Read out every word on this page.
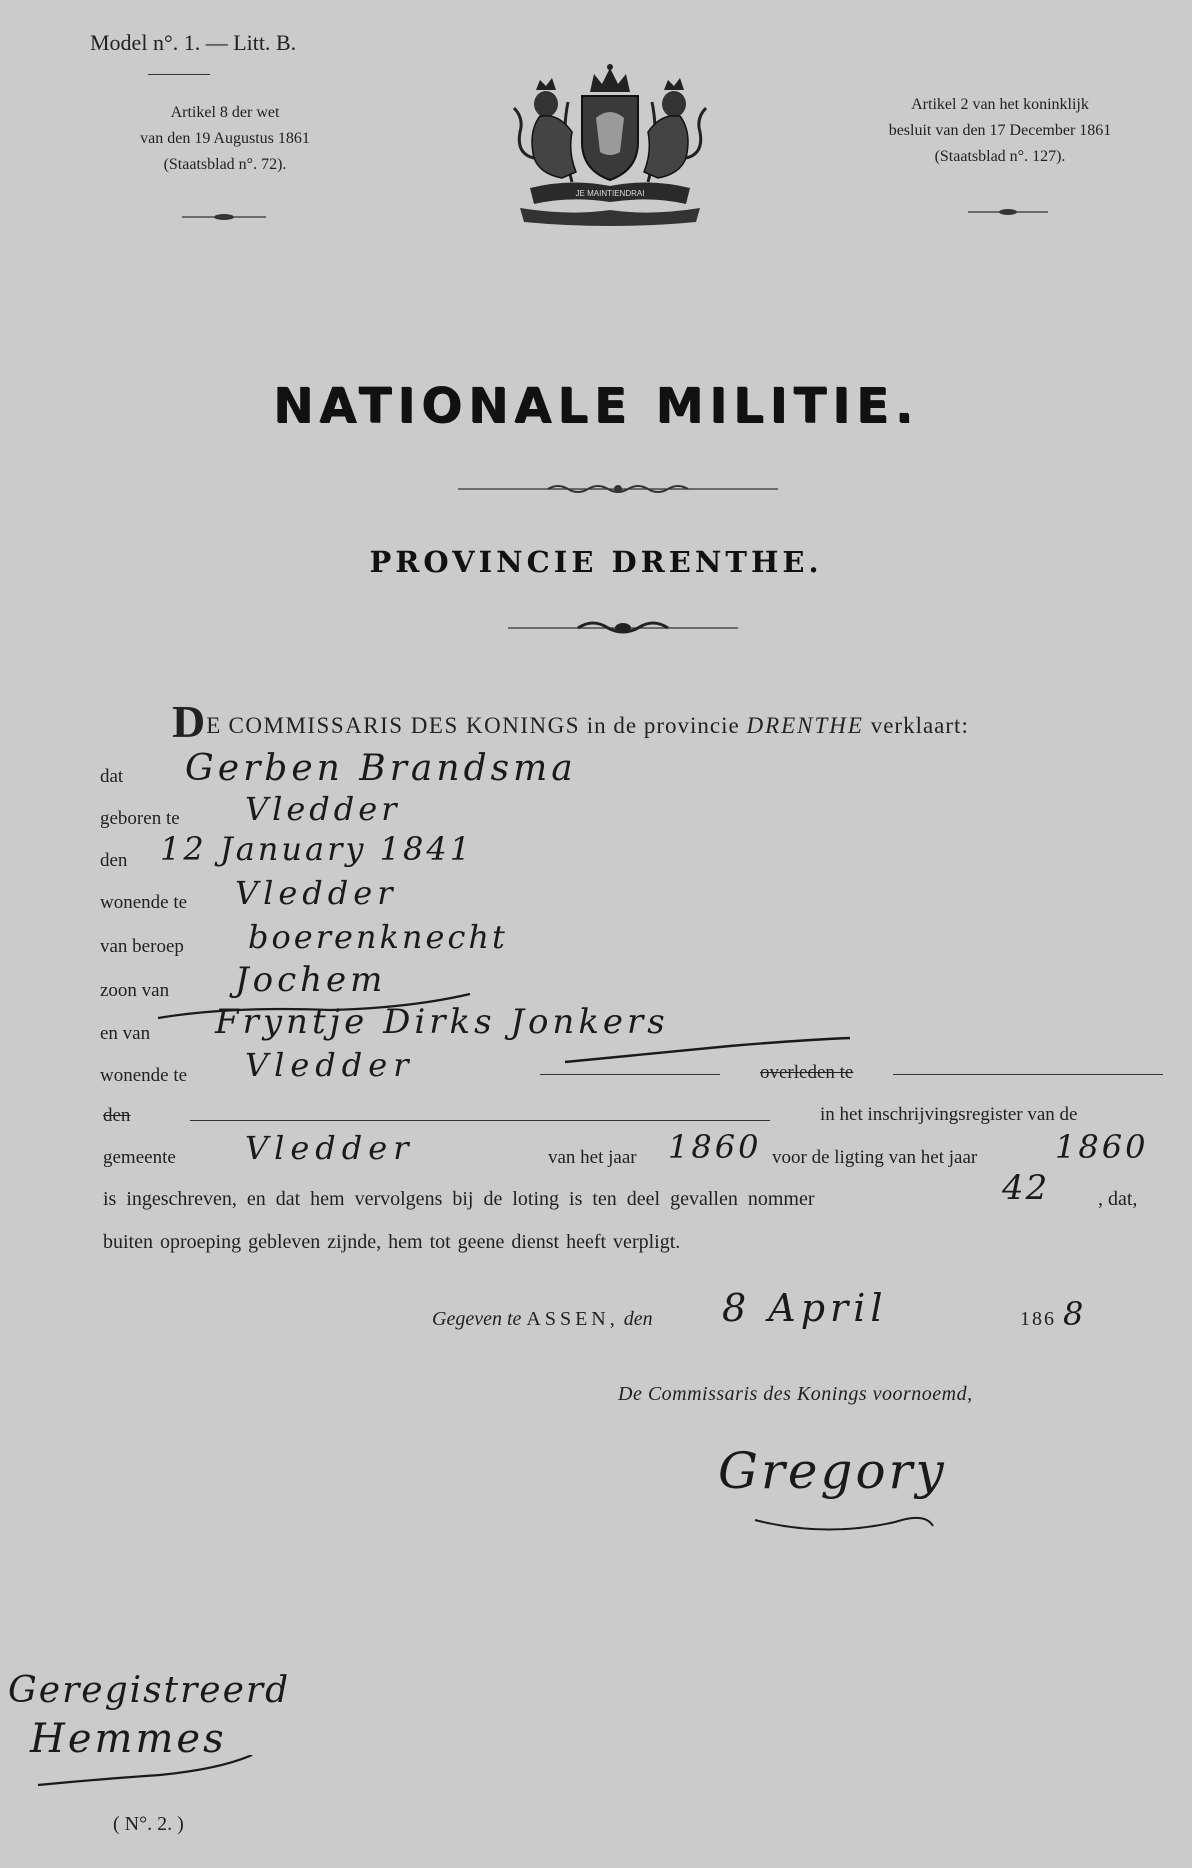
Model n°. 1. — Litt. B.
Artikel 8 der wet
van den 19 Augustus 1861
(Staatsblad n°. 72).
Artikel 2 van het koninklijk
besluit van den 17 December 1861
(Staatsblad n°. 127).
JE MAINTIENDRAI
NATIONALE MILITIE.
PROVINCIE DRENTHE.
DE COMMISSARIS DES KONINGS in de provincie DRENTHE verklaart:
dat
geboren te
den
wonende te
van beroep
zoon van
en van
wonende te
den
gemeente
Gerben Brandsma
Vledder
12 January 1841
Vledder
boerenknecht
Jochem
Fryntje Dirks Jonkers
Vledder
Vledder
overleden te
in het inschrijvingsregister van de
van het jaar 1860 voor de ligting van het jaar 1860
is ingeschreven, en dat hem vervolgens bij de loting is ten deel gevallen nommer	42 , dat,
buiten oproeping gebleven zijnde, hem tot geene dienst heeft verpligt.
Gegeven te ASSEN, den 8 April	186 8
De Commissaris des Konings voornoemd,
Gregory
Geregistreerd
Hemmes
( N°. 2. )
